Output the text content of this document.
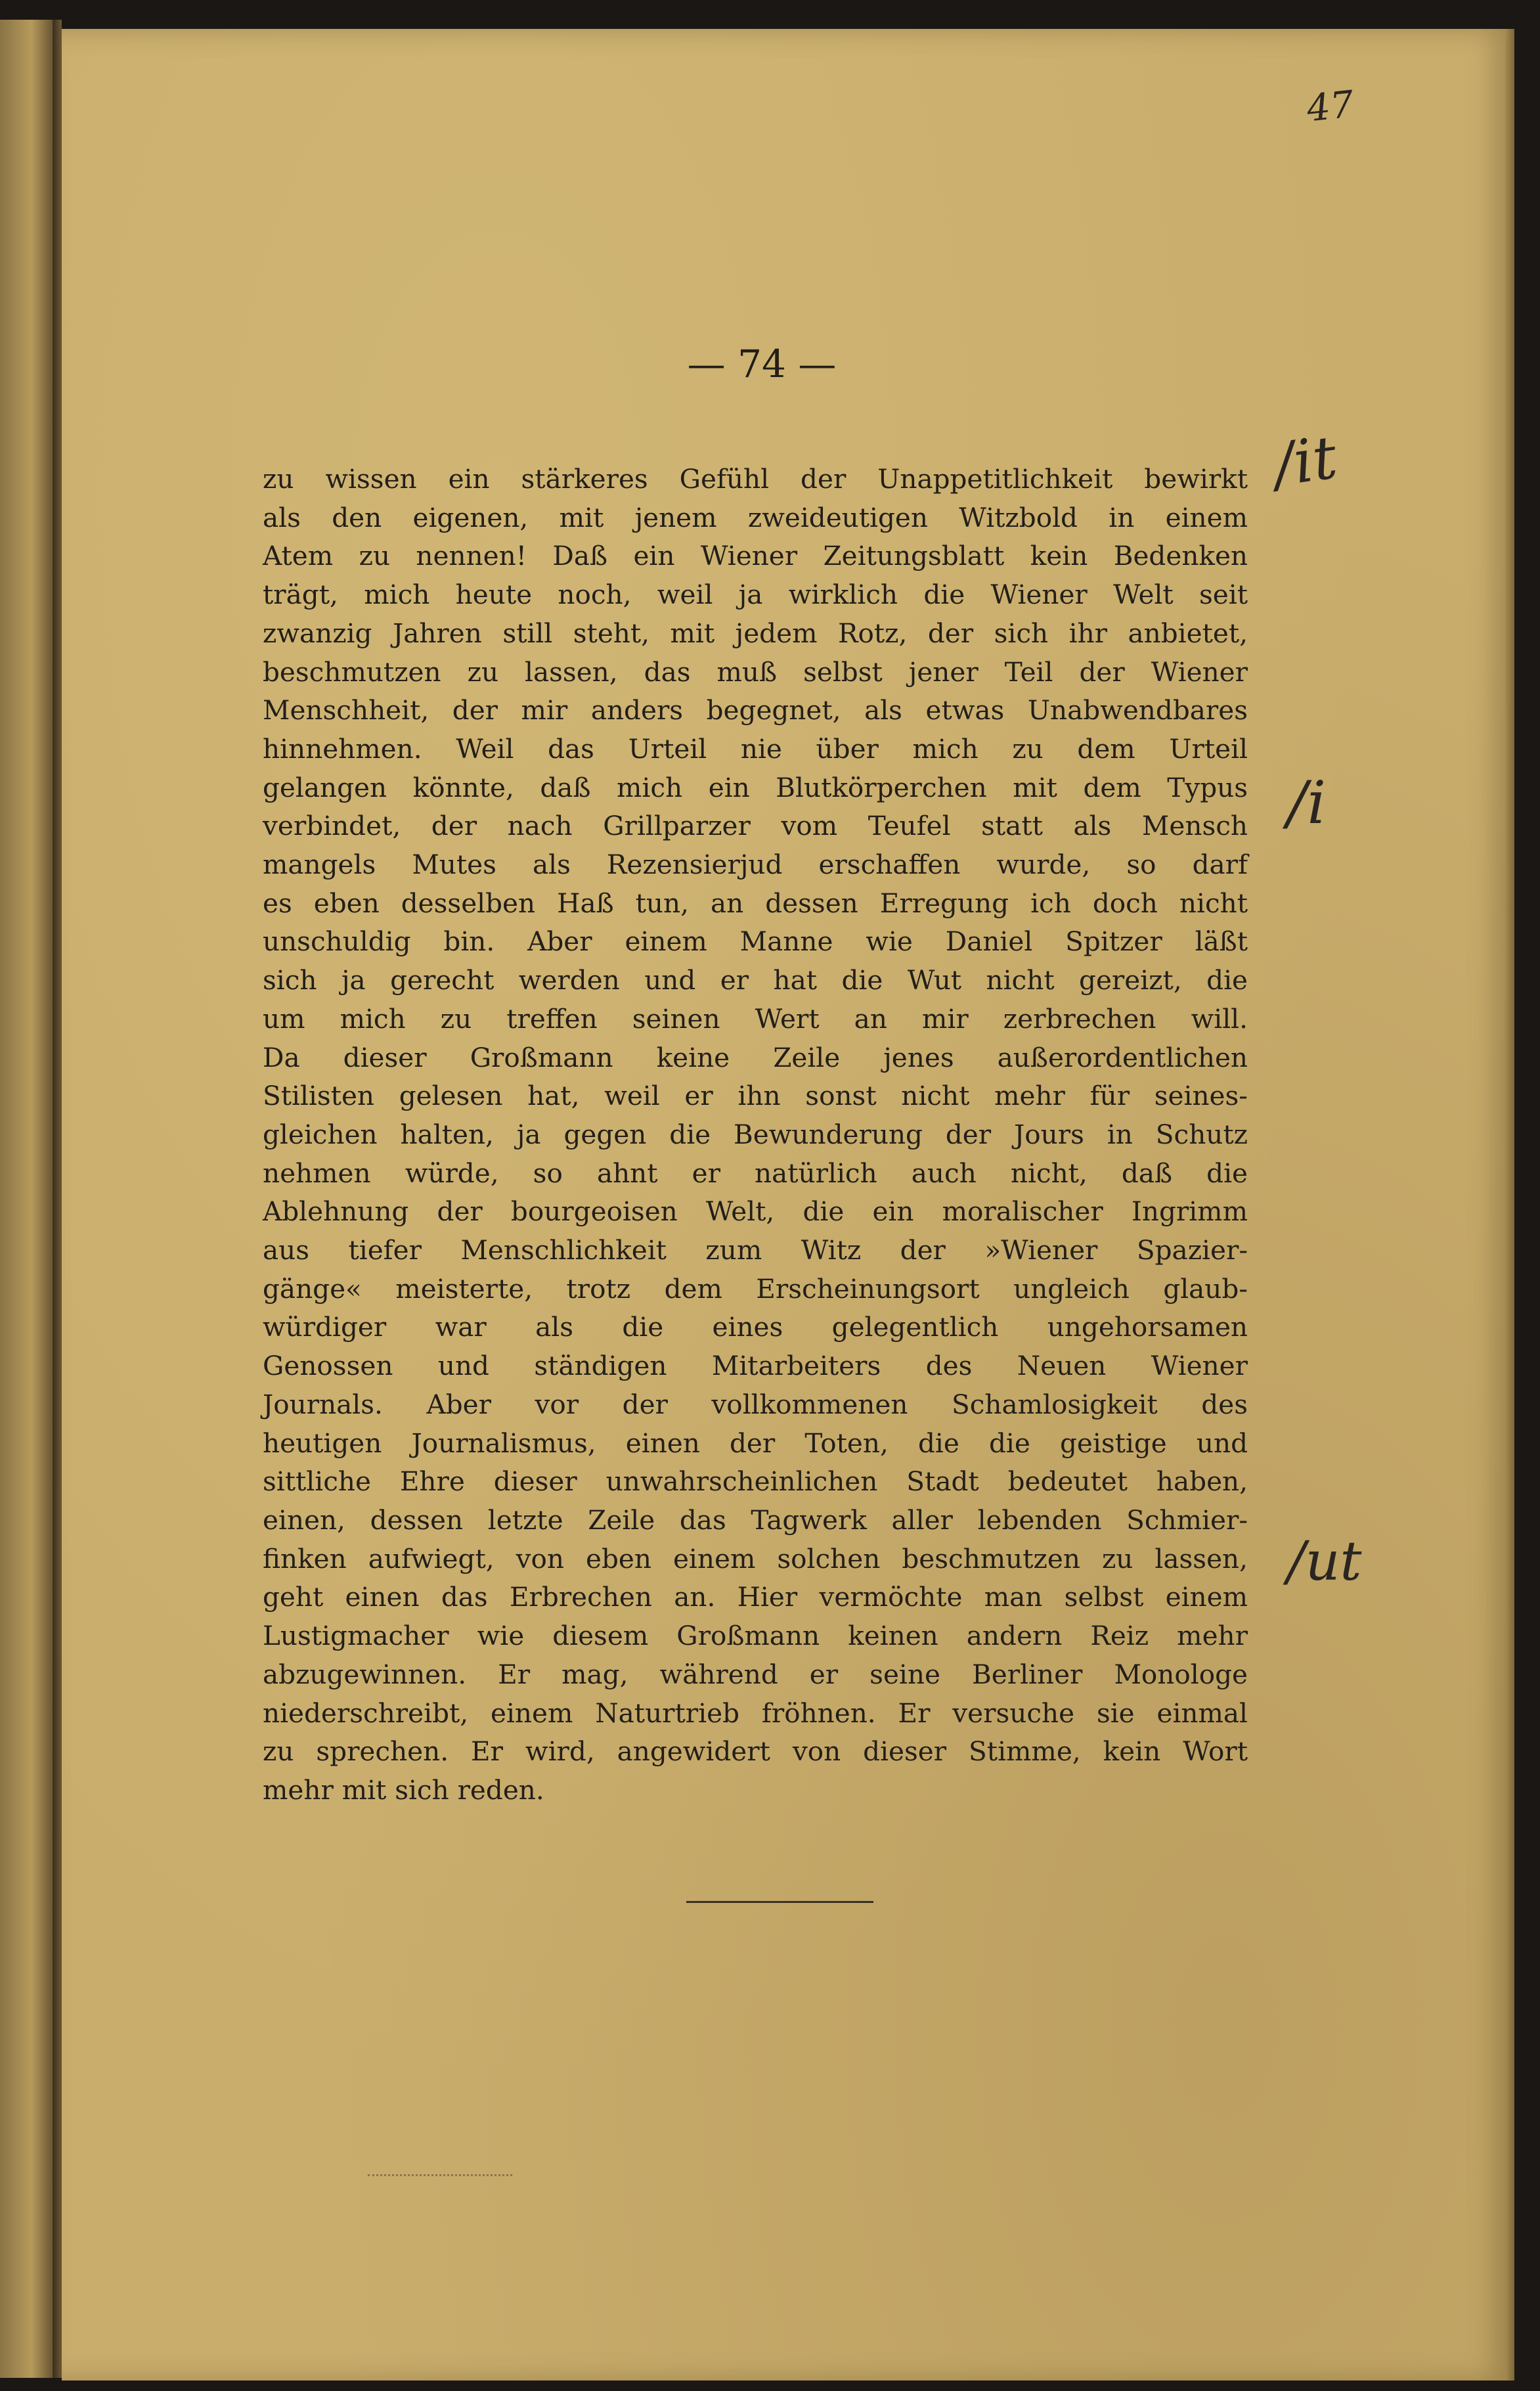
47
— 74 —
zu wissen ein stärkeres Gefühl der Unappetitlichkeit bewirkt
als den eigenen, mit jenem zweideutigen Witzbold in einem
Atem zu nennen! Daß ein Wiener Zeitungsblatt kein Bedenken
trägt, mich heute noch, weil ja wirklich die Wiener Welt seit
zwanzig Jahren still steht, mit jedem Rotz, der sich ihr anbietet,
beschmutzen zu lassen, das muß selbst jener Teil der Wiener
Menschheit, der mir anders begegnet, als etwas Unabwendbares
hinnehmen. Weil das Urteil nie über mich zu dem Urteil
gelangen könnte, daß mich ein Blutkörperchen mit dem Typus
verbindet, der nach Grillparzer vom Teufel statt als Mensch
mangels Mutes als Rezensierjud erschaffen wurde, so darf
es eben desselben Haß tun, an dessen Erregung ich doch nicht
unschuldig bin. Aber einem Manne wie Daniel Spitzer läßt
sich ja gerecht werden und er hat die Wut nicht gereizt, die
um mich zu treffen seinen Wert an mir zerbrechen will.
Da dieser Großmann keine Zeile jenes außerordentlichen
Stilisten gelesen hat, weil er ihn sonst nicht mehr für seines-
gleichen halten, ja gegen die Bewunderung der Jours in Schutz
nehmen würde, so ahnt er natürlich auch nicht, daß die
Ablehnung der bourgeoisen Welt, die ein moralischer Ingrimm
aus tiefer Menschlichkeit zum Witz der »Wiener Spazier-
gänge« meisterte, trotz dem Erscheinungsort ungleich glaub-
würdiger war als die eines gelegentlich ungehorsamen
Genossen und ständigen Mitarbeiters des Neuen Wiener
Journals. Aber vor der vollkommenen Schamlosigkeit des
heutigen Journalismus, einen der Toten, die die geistige und
sittliche Ehre dieser unwahrscheinlichen Stadt bedeutet haben,
einen, dessen letzte Zeile das Tagwerk aller lebenden Schmier-
finken aufwiegt, von eben einem solchen beschmutzen zu lassen,
geht einen das Erbrechen an. Hier vermöchte man selbst einem
Lustigmacher wie diesem Großmann keinen andern Reiz mehr
abzugewinnen. Er mag, während er seine Berliner Monologe
niederschreibt, einem Naturtrieb fröhnen. Er versuche sie einmal
zu sprechen. Er wird, angewidert von dieser Stimme, kein Wort
mehr mit sich reden.
/it
/i
/ut
